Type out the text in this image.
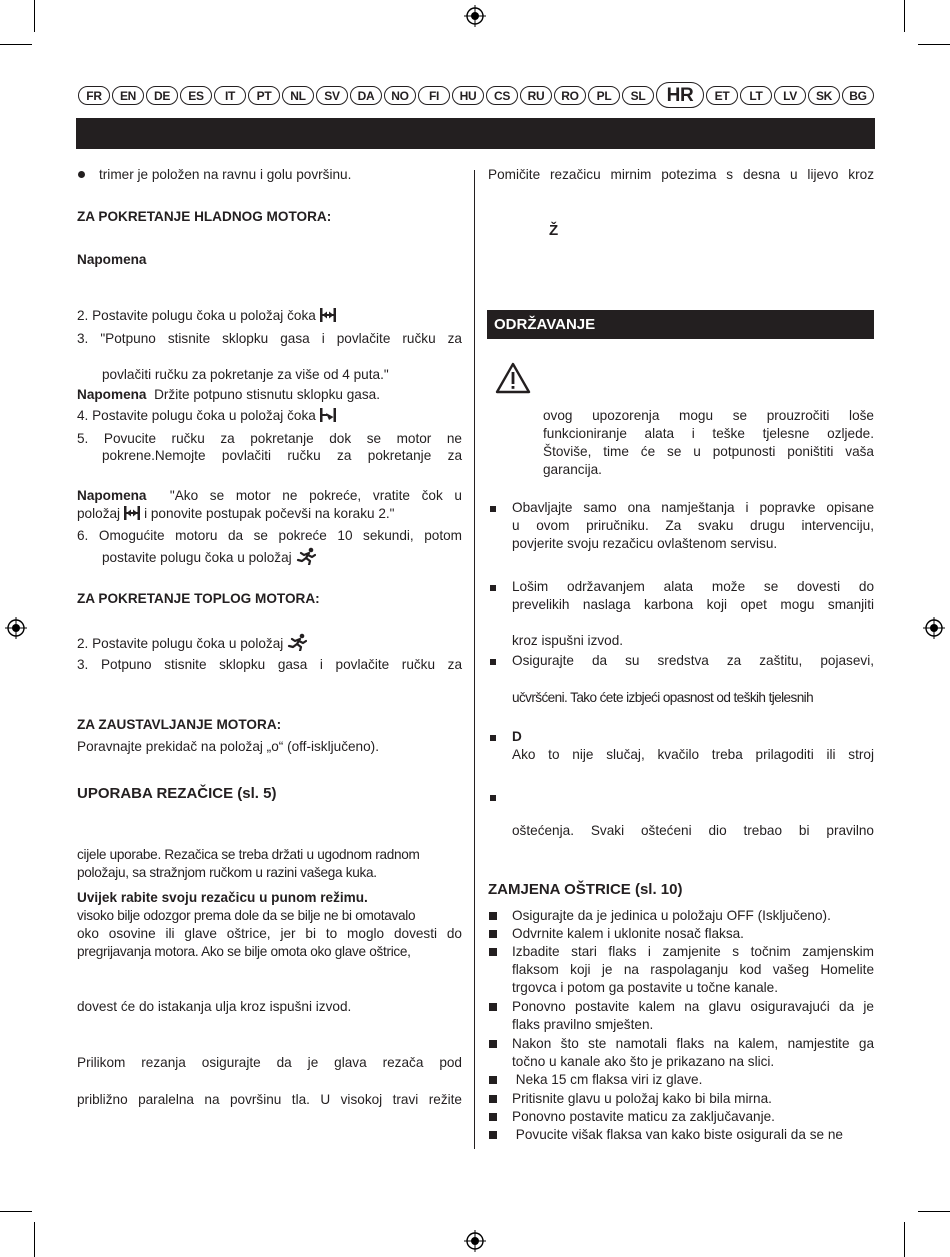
FR	EN	DE	ES	IT	PT	NL	SV	DA	NO	FI	HU	CS	RU	RO	PL	SL	HR	ET	LT	LV	SK	BG
trimer je položen na ravnu i golu površinu.
ZA POKRETANJE HLADNOG MOTORA:
Napomena
2. Postavite polugu čoka u položaj čoka
3. "Potpuno stisnite sklopku gasa i povlačite ručku za
povlačiti ručku za pokretanje za više od 4 puta."
Napomena Držite potpuno stisnutu sklopku gasa.
4. Postavite polugu čoka u položaj čoka
5. Povucite ručku za pokretanje dok se motor ne
pokrene.Nemojte povlačiti ručku za pokretanje za
Napomena "Ako se motor ne pokreće, vratite čok u
položaj i ponovite postupak počevši na koraku 2."
6. Omogućite motoru da se pokreće 10 sekundi, potom
postavite polugu čoka u položaj
ZA POKRETANJE TOPLOG MOTORA:
2. Postavite polugu čoka u položaj
3. Potpuno stisnite sklopku gasa i povlačite ručku za
ZA ZAUSTAVLJANJE MOTORA:
Poravnajte prekidač na položaj „o“ (off-isključeno).
UPORABA REZAČICE (sl. 5)
cijele uporabe. Rezačica se treba držati u ugodnom radnom
položaju, sa stražnjom ručkom u razini vašega kuka.
Uvijek rabite svoju rezačicu u punom režimu.
visoko bilje odozgor prema dole da se bilje ne bi omotavalo
oko osovine ili glave oštrice, jer bi to moglo dovesti do
pregrijavanja motora. Ako se bilje omota oko glave oštrice,
dovest će do istakanja ulja kroz ispušni izvod.
Prilikom rezanja osigurajte da je glava rezača pod
približno paralelna na površinu tla. U visokoj travi režite
Pomičite rezačicu mirnim potezima s desna u lijevo kroz
Ž
ODRŽAVANJE
ovog upozorenja mogu se prouzročiti loše
funkcioniranje alata i teške tjelesne ozljede.
Štoviše, time će se u potpunosti poništiti vaša
garancija.
Obavljajte samo ona namještanja i popravke opisane
u ovom priručniku. Za svaku drugu intervenciju,
povjerite svoju rezačicu ovlaštenom servisu.
Lošim održavanjem alata može se dovesti do
prevelikih naslaga karbona koji opet mogu smanjiti
kroz ispušni izvod.
Osigurajte da su sredstva za zaštitu, pojasevi,
učvršćeni. Tako ćete izbjeći opasnost od teških tjelesnih
D
Ako to nije slučaj, kvačilo treba prilagoditi ili stroj
oštećenja. Svaki oštećeni dio trebao bi pravilno
ZAMJENA OŠTRICE (sl. 10)
Osigurajte da je jedinica u položaju OFF (Isključeno).
Odvrnite kalem i uklonite nosač flaksa.
Izbadite stari flaks i zamjenite s točnim zamjenskim
flaksom koji je na raspolaganju kod vašeg Homelite
trgovca i potom ga postavite u točne kanale.
Ponovno postavite kalem na glavu osiguravajući da je
flaks pravilno smješten.
Nakon što ste namotali flaks na kalem, namjestite ga
točno u kanale ako što je prikazano na slici.
Neka 15 cm flaksa viri iz glave.
Pritisnite glavu u položaj kako bi bila mirna.
Ponovno postavite maticu za zaključavanje.
Povucite višak flaksa van kako biste osigurali da se ne
